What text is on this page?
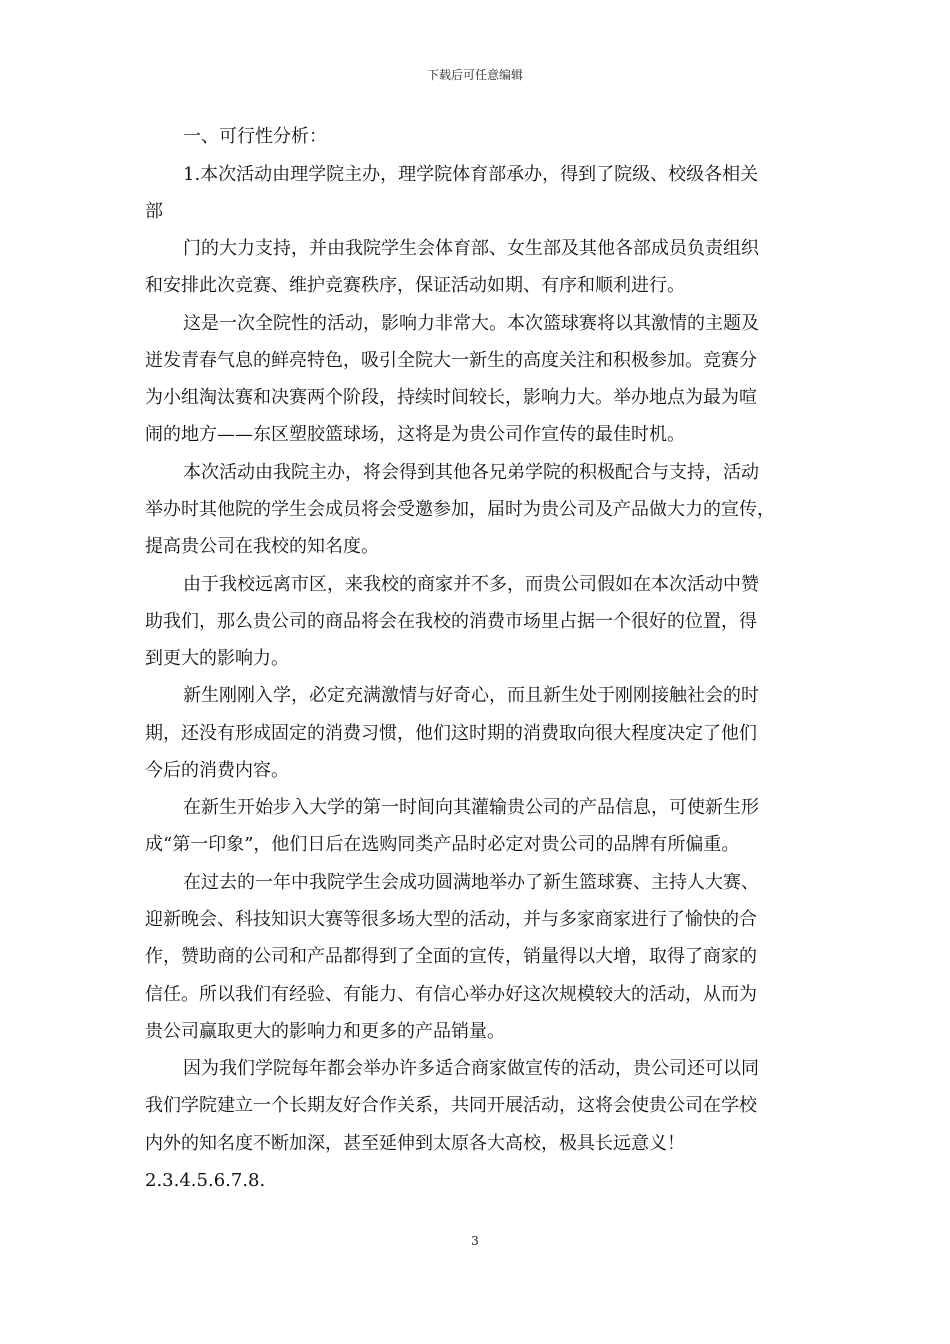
下载后可任意编辑
一、可行性分析：
1.本次活动由理学院主办，理学院体育部承办，得到了院级、校级各相关
部
门的大力支持，并由我院学生会体育部、女生部及其他各部成员负责组织
和安排此次竞赛、维护竞赛秩序，保证活动如期、有序和顺利进行。
这是一次全院性的活动，影响力非常大。本次篮球赛将以其激情的主题及
迸发青春气息的鲜亮特色，吸引全院大一新生的高度关注和积极参加。竞赛分
为小组淘汰赛和决赛两个阶段，持续时间较长，影响力大。举办地点为最为喧
闹的地方——东区塑胶篮球场，这将是为贵公司作宣传的最佳时机。
本次活动由我院主办，将会得到其他各兄弟学院的积极配合与支持，活动
举办时其他院的学生会成员将会受邀参加，届时为贵公司及产品做大力的宣传，
提高贵公司在我校的知名度。
由于我校远离市区，来我校的商家并不多，而贵公司假如在本次活动中赞
助我们，那么贵公司的商品将会在我校的消费市场里占据一个很好的位置，得
到更大的影响力。
新生刚刚入学，必定充满激情与好奇心，而且新生处于刚刚接触社会的时
期，还没有形成固定的消费习惯，他们这时期的消费取向很大程度决定了他们
今后的消费内容。
在新生开始步入大学的第一时间向其灌输贵公司的产品信息，可使新生形
成“第一印象”，他们日后在选购同类产品时必定对贵公司的品牌有所偏重。
在过去的一年中我院学生会成功圆满地举办了新生篮球赛、主持人大赛、
迎新晚会、科技知识大赛等很多场大型的活动，并与多家商家进行了愉快的合
作，赞助商的公司和产品都得到了全面的宣传，销量得以大增，取得了商家的
信任。所以我们有经验、有能力、有信心举办好这次规模较大的活动，从而为
贵公司赢取更大的影响力和更多的产品销量。
因为我们学院每年都会举办许多适合商家做宣传的活动，贵公司还可以同
我们学院建立一个长期友好合作关系，共同开展活动，这将会使贵公司在学校
内外的知名度不断加深，甚至延伸到太原各大高校，极具长远意义！
2.3.4.5.6.7.8.
3
